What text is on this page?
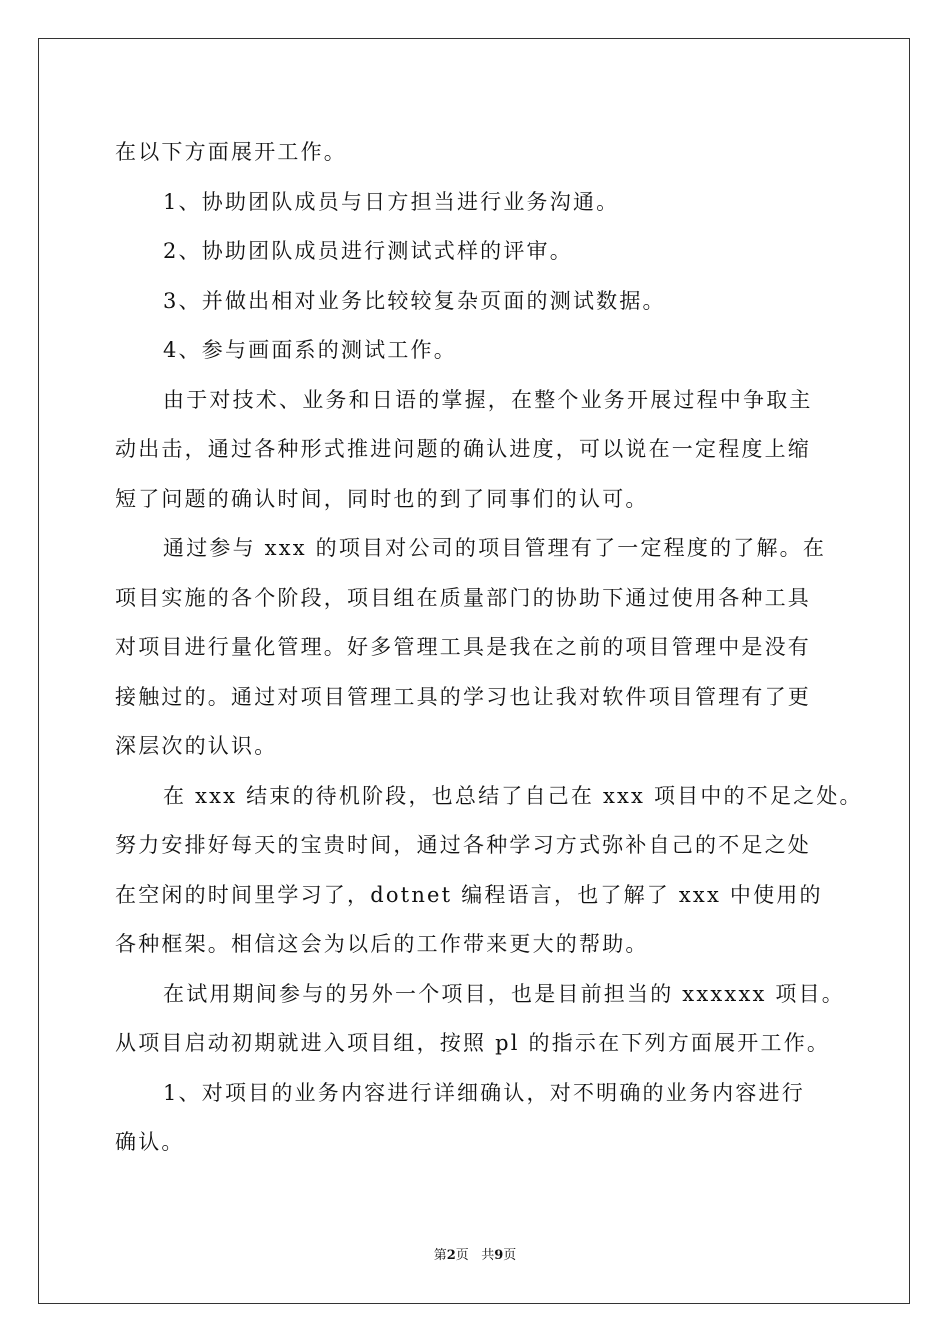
在以下方面展开工作。
1、协助团队成员与日方担当进行业务沟通。
2、协助团队成员进行测试式样的评审。
3、并做出相对业务比较较复杂页面的测试数据。
4、参与画面系的测试工作。
由于对技术、业务和日语的掌握，在整个业务开展过程中争取主
动出击，通过各种形式推进问题的确认进度，可以说在一定程度上缩
短了问题的确认时间，同时也的到了同事们的认可。
通过参与 xxx 的项目对公司的项目管理有了一定程度的了解。在
项目实施的各个阶段，项目组在质量部门的协助下通过使用各种工具
对项目进行量化管理。好多管理工具是我在之前的项目管理中是没有
接触过的。通过对项目管理工具的学习也让我对软件项目管理有了更
深层次的认识。
在 xxx 结束的待机阶段，也总结了自己在 xxx 项目中的不足之处。
努力安排好每天的宝贵时间，通过各种学习方式弥补自己的不足之处
在空闲的时间里学习了，dotnet 编程语言，也了解了 xxx 中使用的
各种框架。相信这会为以后的工作带来更大的帮助。
在试用期间参与的另外一个项目，也是目前担当的 xxxxxx 项目。
从项目启动初期就进入项目组，按照 pl 的指示在下列方面展开工作。
1、对项目的业务内容进行详细确认，对不明确的业务内容进行
确认。
第2页 共9页
